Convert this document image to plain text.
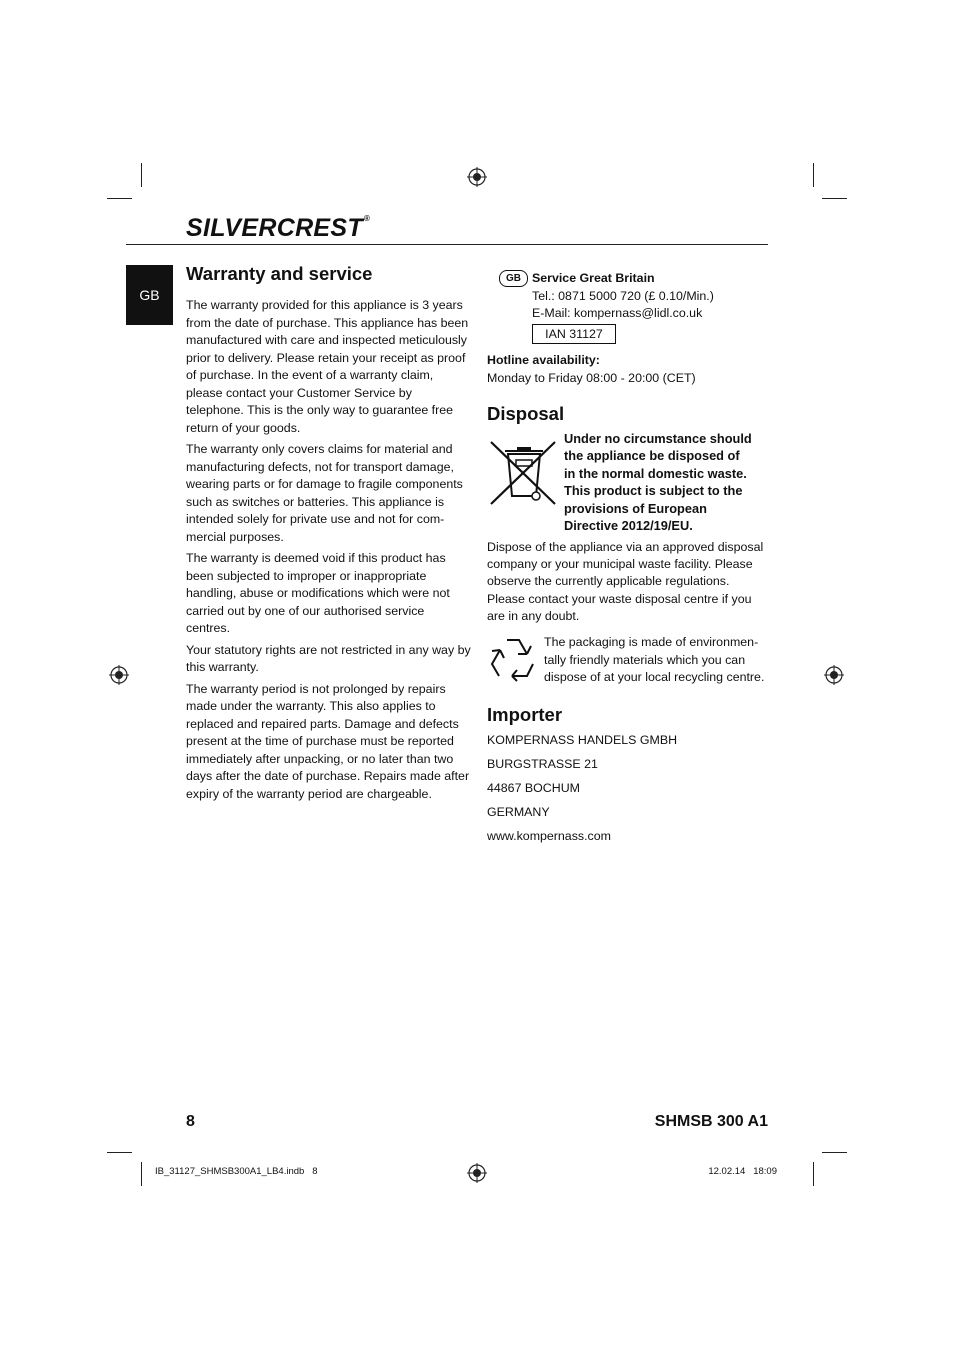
SILVERCREST®
GB
Warranty and service

The warranty provided for this appliance is 3 years from the date of purchase. This appliance has been manufactured with care and inspected meticulously prior to delivery. Please retain your receipt as proof of purchase. In the event of a warranty claim, please contact your Customer Service by telephone. This is the only way to guarantee free return of your goods.

The warranty only covers claims for material and manufacturing defects, not for transport damage, wearing parts or for damage to fragile components such as switches or batteries. This appliance is intended solely for private use and not for com- mercial purposes.

The warranty is deemed void if this product has been subjected to improper or inappropriate handling, abuse or modifications which were not carried out by one of our authorised service centres.

Your statutory rights are not restricted in any way by this warranty.

The warranty period is not prolonged by repairs made under the warranty. This also applies to replaced and repaired parts. Damage and defects present at the time of purchase must be reported immediately after unpacking, or no later than two days after the date of purchase. Repairs made after expiry of the warranty period are chargeable.

GB Service Great Britain
Tel.: 0871 5000 720 (£ 0.10/Min.)
E-Mail: kompernass@lidl.co.uk
IAN 31127
Hotline availability:
Monday to Friday 08:00 - 20:00 (CET)
Disposal
Under no circumstance should
the appliance be disposed of
in the normal domestic waste.
This product is subject to the
provisions of European
Directive 2012/19/EU.
Dispose of the appliance via an approved disposal
company or your municipal waste facility. Please
observe the currently applicable regulations.
Please contact your waste disposal centre if you
are in any doubt.
The packaging is made of environmen-
tally friendly materials which you can
dispose of at your local recycling centre.
Importer
KOMPERNASS HANDELS GMBH
BURGSTRASSE 21
44867 BOCHUM
GERMANY
www.kompernass.com
8	SHMSB 300 A1
IB_31127_SHMSB300A1_LB4.indb   8	12.02.14   18:09
